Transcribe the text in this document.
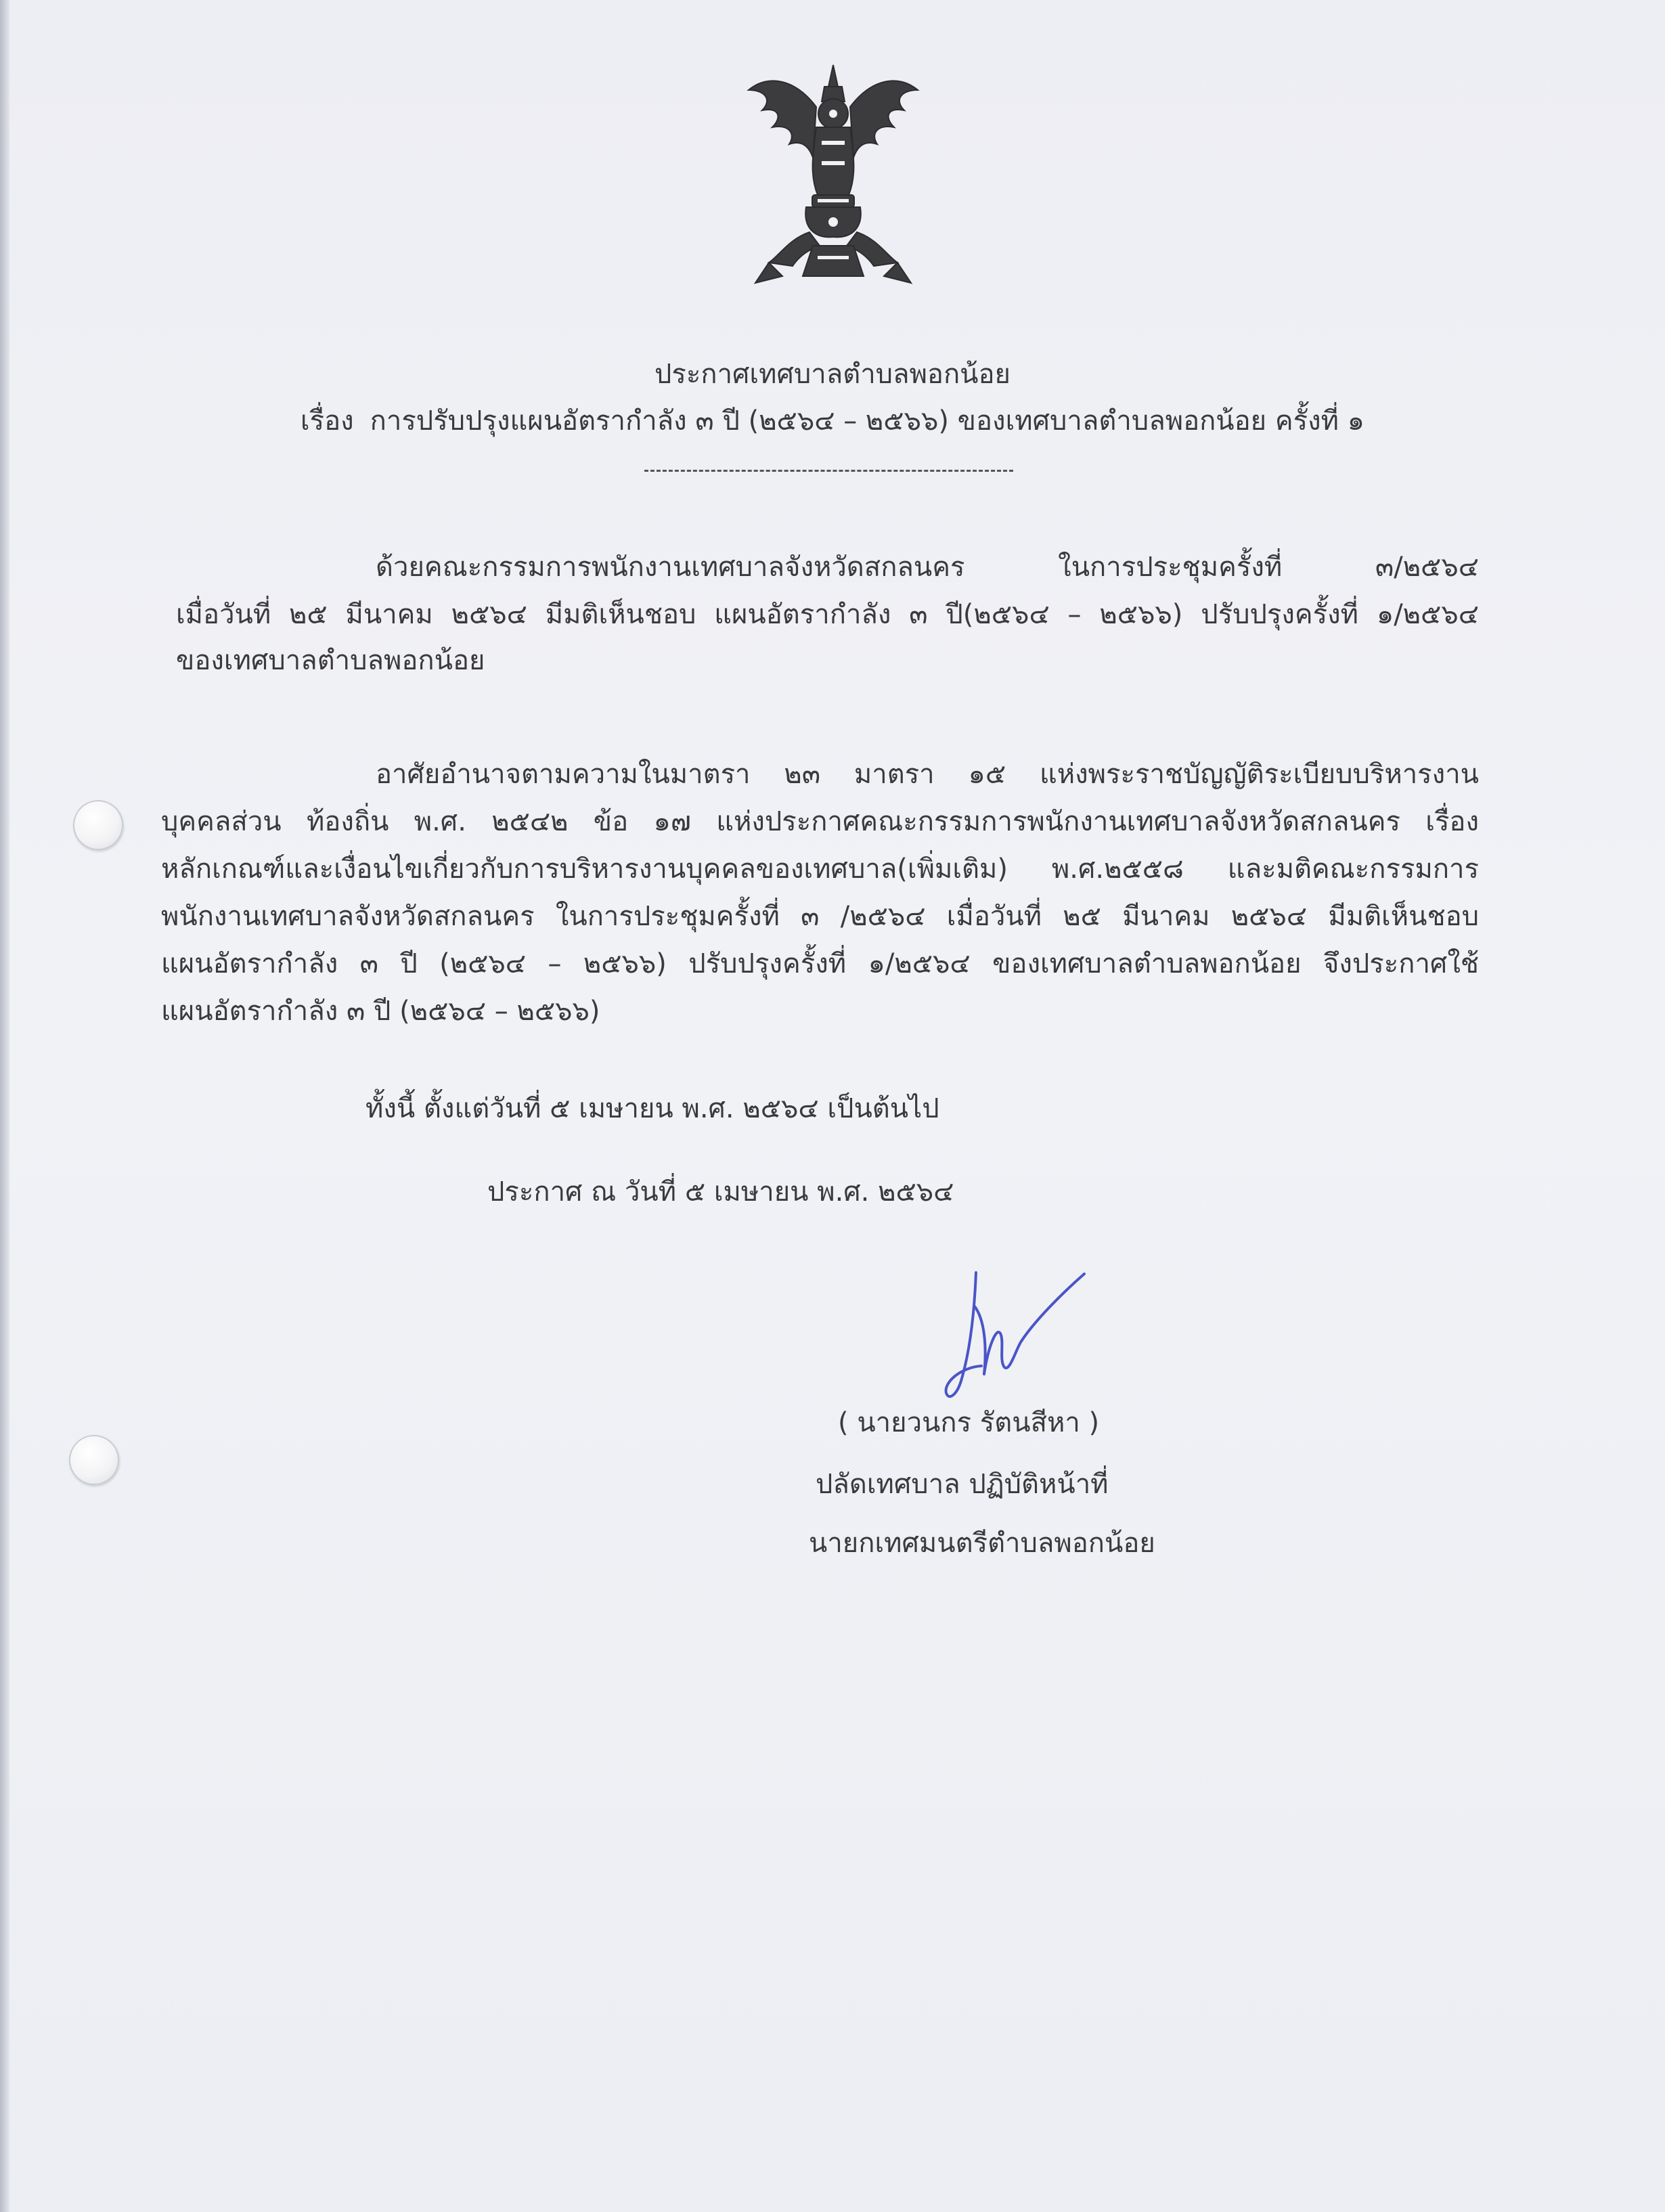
ประกาศเทศบาลตำบลพอกน้อย
เรื่อง การปรับปรุงแผนอัตรากำลัง ๓ ปี (๒๕๖๔ – ๒๕๖๖) ของเทศบาลตำบลพอกน้อย ครั้งที่ ๑
ด้วยคณะกรรมการพนักงานเทศบาลจังหวัดสกลนคร ในการประชุมครั้งที่ ๓/๒๕๖๔
เมื่อวันที่ ๒๕ มีนาคม ๒๕๖๔ มีมติเห็นชอบ แผนอัตรากำลัง ๓ ปี(๒๕๖๔ – ๒๕๖๖) ปรับปรุงครั้งที่ ๑/๒๕๖๔
ของเทศบาลตำบลพอกน้อย
อาศัยอำนาจตามความในมาตรา ๒๓ มาตรา ๑๕ แห่งพระราชบัญญัติระเบียบบริหารงาน
บุคคลส่วน ท้องถิ่น พ.ศ. ๒๕๔๒ ข้อ ๑๗ แห่งประกาศคณะกรรมการพนักงานเทศบาลจังหวัดสกลนคร เรื่อง
หลักเกณฑ์และเงื่อนไขเกี่ยวกับการบริหารงานบุคคลของเทศบาล(เพิ่มเติม) พ.ศ.๒๕๕๘ และมติคณะกรรมการ
พนักงานเทศบาลจังหวัดสกลนคร ในการประชุมครั้งที่ ๓ /๒๕๖๔ เมื่อวันที่ ๒๕ มีนาคม ๒๕๖๔ มีมติเห็นชอบ
แผนอัตรากำลัง ๓ ปี (๒๕๖๔ – ๒๕๖๖) ปรับปรุงครั้งที่ ๑/๒๕๖๔ ของเทศบาลตำบลพอกน้อย จึงประกาศใช้
แผนอัตรากำลัง ๓ ปี (๒๕๖๔ – ๒๕๖๖)
ทั้งนี้ ตั้งแต่วันที่ ๕ เมษายน พ.ศ. ๒๕๖๔ เป็นต้นไป
ประกาศ ณ วันที่ ๕ เมษายน พ.ศ. ๒๕๖๔
( นายวนกร รัตนสีหา )
ปลัดเทศบาล ปฏิบัติหน้าที่
นายกเทศมนตรีตำบลพอกน้อย
